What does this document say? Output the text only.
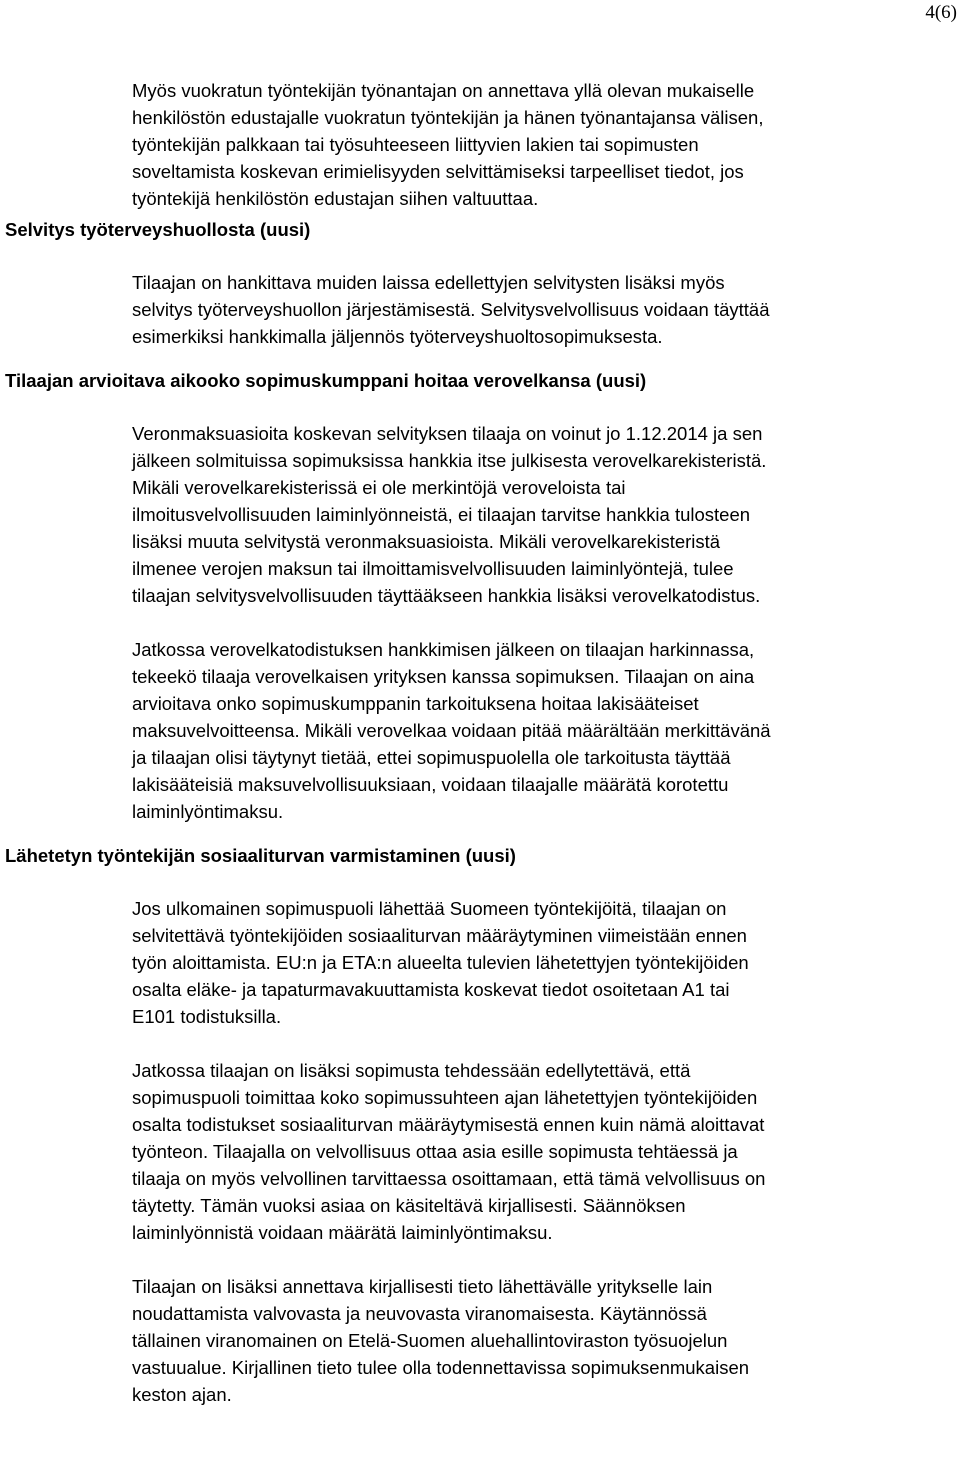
4(6)

Myös vuokratun työntekijän työnantajan on annettava yllä olevan mukaiselle
henkilöstön edustajalle vuokratun työntekijän ja hänen työnantajansa välisen,
työntekijän palkkaan tai työsuhteeseen liittyvien lakien tai sopimusten
soveltamista koskevan erimielisyyden selvittämiseksi tarpeelliset tiedot, jos
työntekijä henkilöstön edustajan siihen valtuuttaa.

Selvitys työterveyshuollosta (uusi)

Tilaajan on hankittava muiden laissa edellettyjen selvitysten lisäksi myös
selvitys työterveyshuollon järjestämisestä. Selvitysvelvollisuus voidaan täyttää
esimerkiksi hankkimalla jäljennös työterveyshuoltosopimuksesta.

Tilaajan arvioitava aikooko sopimuskumppani hoitaa verovelkansa (uusi)

Veronmaksuasioita koskevan selvityksen tilaaja on voinut jo 1.12.2014 ja sen
jälkeen solmituissa sopimuksissa hankkia itse julkisesta verovelkarekisteristä.
Mikäli verovelkarekisterissä ei ole merkintöjä veroveloista tai
ilmoitusvelvollisuuden laiminlyönneistä, ei tilaajan tarvitse hankkia tulosteen
lisäksi muuta selvitystä veronmaksuasioista. Mikäli verovelkarekisteristä
ilmenee verojen maksun tai ilmoittamisvelvollisuuden laiminlyöntejä, tulee
tilaajan selvitysvelvollisuuden täyttääkseen hankkia lisäksi verovelkatodistus.

Jatkossa verovelkatodistuksen hankkimisen jälkeen on tilaajan harkinnassa,
tekeekö tilaaja verovelkaisen yrityksen kanssa sopimuksen. Tilaajan on aina
arvioitava onko sopimuskumppanin tarkoituksena hoitaa lakisääteiset
maksuvelvoitteensa. Mikäli verovelkaa voidaan pitää määrältään merkittävänä
ja tilaajan olisi täytynyt tietää, ettei sopimuspuolella ole tarkoitusta täyttää
lakisääteisiä maksuvelvollisuuksiaan, voidaan tilaajalle määrätä korotettu
laiminlyöntimaksu.

Lähetetyn työntekijän sosiaaliturvan varmistaminen (uusi)

Jos ulkomainen sopimuspuoli lähettää Suomeen työntekijöitä, tilaajan on
selvitettävä työntekijöiden sosiaaliturvan määräytyminen viimeistään ennen
työn aloittamista. EU:n ja ETA:n alueelta tulevien lähetettyjen työntekijöiden
osalta eläke- ja tapaturmavakuuttamista koskevat tiedot osoitetaan A1 tai
E101 todistuksilla.

Jatkossa tilaajan on lisäksi sopimusta tehdessään edellytettävä, että
sopimuspuoli toimittaa koko sopimussuhteen ajan lähetettyjen työntekijöiden
osalta todistukset sosiaaliturvan määräytymisestä ennen kuin nämä aloittavat
työnteon. Tilaajalla on velvollisuus ottaa asia esille sopimusta tehtäessä ja
tilaaja on myös velvollinen tarvittaessa osoittamaan, että tämä velvollisuus on
täytetty. Tämän vuoksi asiaa on käsiteltävä kirjallisesti. Säännöksen
laiminlyönnistä voidaan määrätä laiminlyöntimaksu.

Tilaajan on lisäksi annettava kirjallisesti tieto lähettävälle yritykselle lain
noudattamista valvovasta ja neuvovasta viranomaisesta. Käytännössä
tällainen viranomainen on Etelä-Suomen aluehallintoviraston työsuojelun
vastuualue. Kirjallinen tieto tulee olla todennettavissa sopimuksenmukaisen
keston ajan.
